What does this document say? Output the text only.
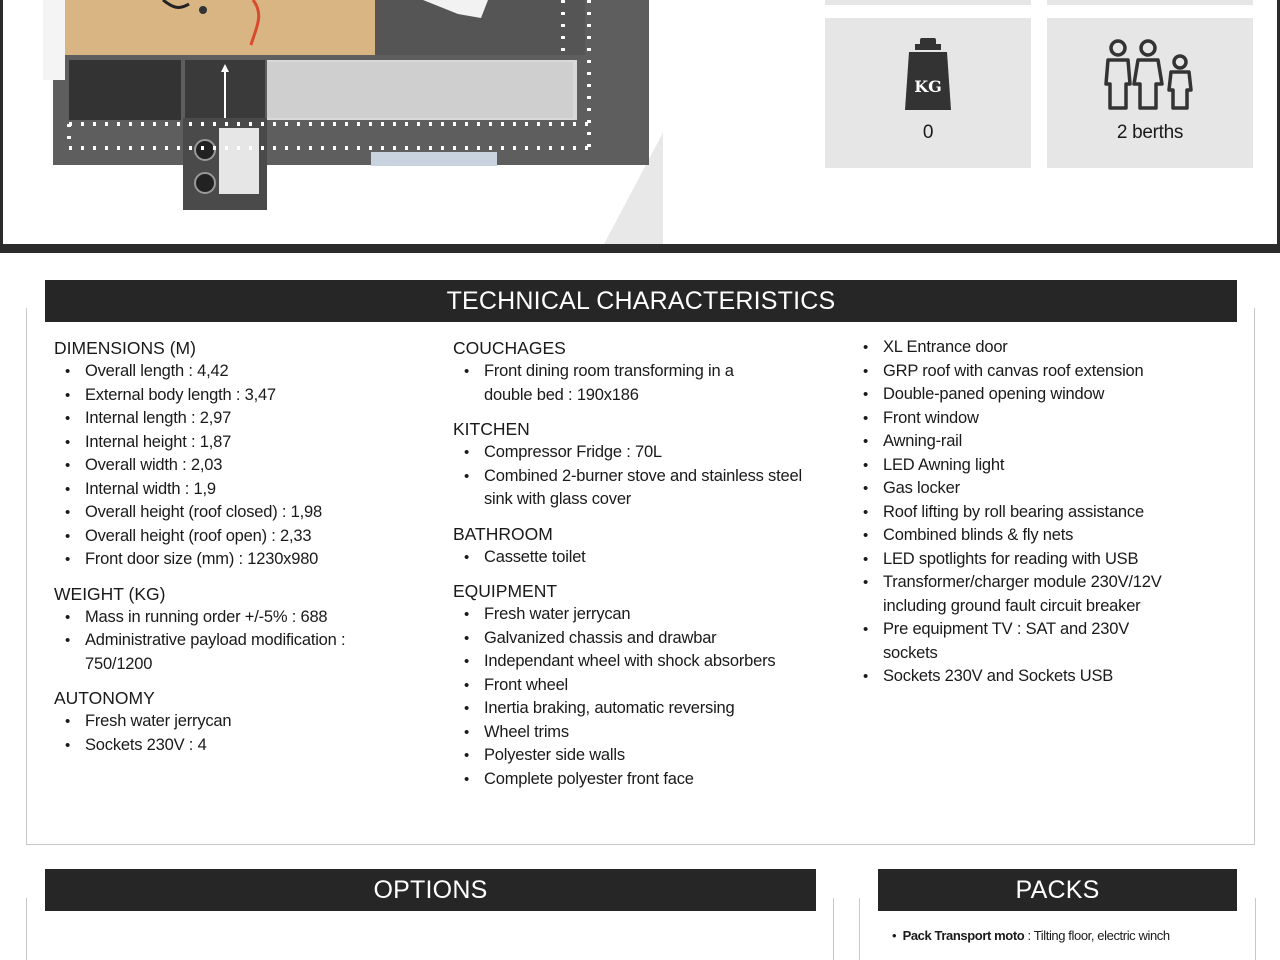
KG
0	2 berths
TECHNICAL CHARACTERISTICS
DIMENSIONS (M)
• Overall length : 4,42
• External body length : 3,47
• Internal length : 2,97
• Internal height : 1,87
• Overall width : 2,03
• Internal width : 1,9
• Overall height (roof closed) : 1,98
• Overall height (roof open) : 2,33
• Front door size (mm) : 1230x980
WEIGHT (KG)
• Mass in running order +/-5% : 688
• Administrative payload modification : 750/1200
AUTONOMY
• Fresh water jerrycan
• Sockets 230V : 4
COUCHAGES
• Front dining room transforming in a double bed : 190x186
KITCHEN
• Compressor Fridge : 70L
• Combined 2-burner stove and stainless steel sink with glass cover
BATHROOM
• Cassette toilet
EQUIPMENT
• Fresh water jerrycan
• Galvanized chassis and drawbar
• Independant wheel with shock absorbers
• Front wheel
• Inertia braking, automatic reversing
• Wheel trims
• Polyester side walls
• Complete polyester front face
• XL Entrance door
• GRP roof with canvas roof extension
• Double-paned opening window
• Front window
• Awning-rail
• LED Awning light
• Gas locker
• Roof lifting by roll bearing assistance
• Combined blinds & fly nets
• LED spotlights for reading with USB
• Transformer/charger module 230V/12V including ground fault circuit breaker
• Pre equipment TV : SAT and 230V sockets
• Sockets 230V and Sockets USB
OPTIONS	PACKS
•  Pack Transport moto : Tilting floor, electric winch
